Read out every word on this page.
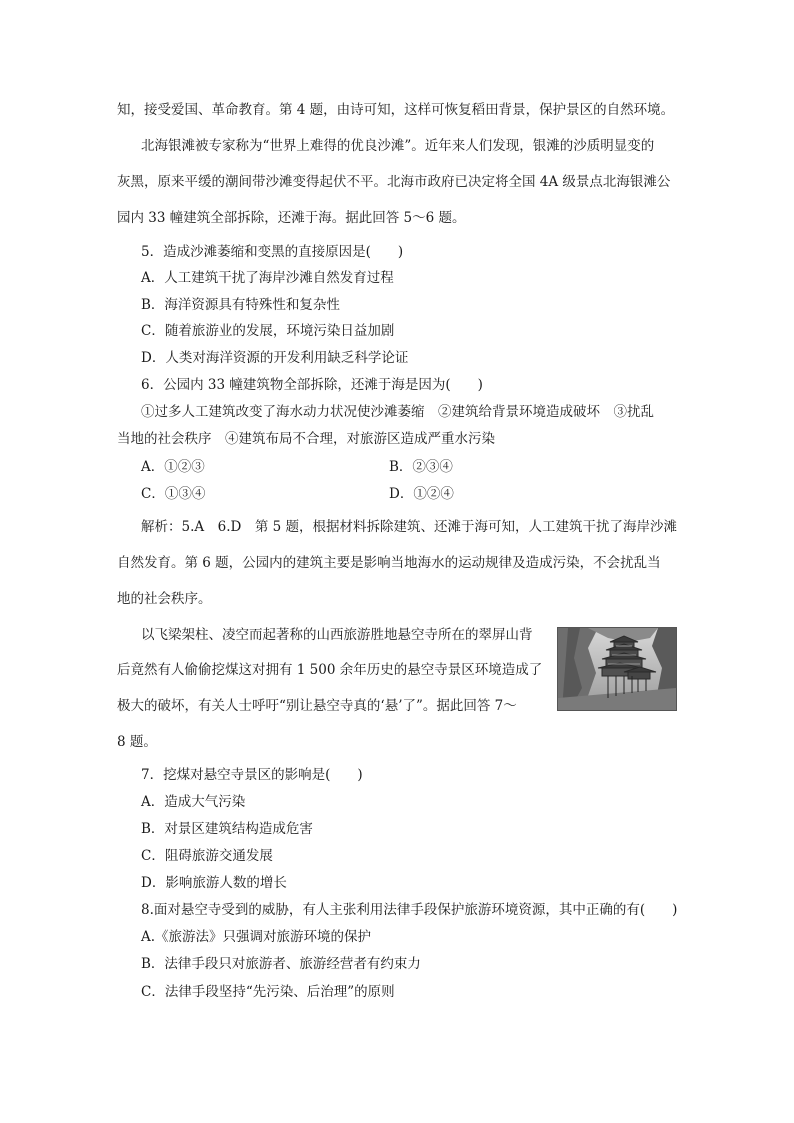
知，接受爱国、革命教育。第 4 题，由诗可知，这样可恢复稻田背景，保护景区的自然环境。
北海银滩被专家称为“世界上难得的优良沙滩”。近年来人们发现，银滩的沙质明显变的
灰黑，原来平缓的潮间带沙滩变得起伏不平。北海市政府已决定将全国 4A 级景点北海银滩公
园内 33 幢建筑全部拆除，还滩于海。据此回答 5～6 题。
5．造成沙滩萎缩和变黑的直接原因是(　　)
A．人工建筑干扰了海岸沙滩自然发育过程
B．海洋资源具有特殊性和复杂性
C．随着旅游业的发展，环境污染日益加剧
D．人类对海洋资源的开发利用缺乏科学论证
6．公园内 33 幢建筑物全部拆除，还滩于海是因为(　　)
①过多人工建筑改变了海水动力状况使沙滩萎缩　②建筑给背景环境造成破坏　③扰乱
当地的社会秩序　④建筑布局不合理，对旅游区造成严重水污染
A．①②③	B．②③④
C．①③④	D．①②④
解析：5.A　6.D　第 5 题，根据材料拆除建筑、还滩于海可知，人工建筑干扰了海岸沙滩
自然发育。第 6 题，公园内的建筑主要是影响当地海水的运动规律及造成污染，不会扰乱当
地的社会秩序。
以飞梁架柱、凌空而起著称的山西旅游胜地悬空寺所在的翠屏山背
后竟然有人偷偷挖煤这对拥有 1 500 余年历史的悬空寺景区环境造成了
极大的破坏，有关人士呼吁“别让悬空寺真的‘悬’了”。据此回答 7～
8 题。
7．挖煤对悬空寺景区的影响是(　　)
A．造成大气污染
B．对景区建筑结构造成危害
C．阻碍旅游交通发展
D．影响旅游人数的增长
8.面对悬空寺受到的威胁，有人主张利用法律手段保护旅游环境资源，其中正确的有(　　)
A.《旅游法》只强调对旅游环境的保护
B．法律手段只对旅游者、旅游经营者有约束力
C．法律手段坚持“先污染、后治理”的原则
